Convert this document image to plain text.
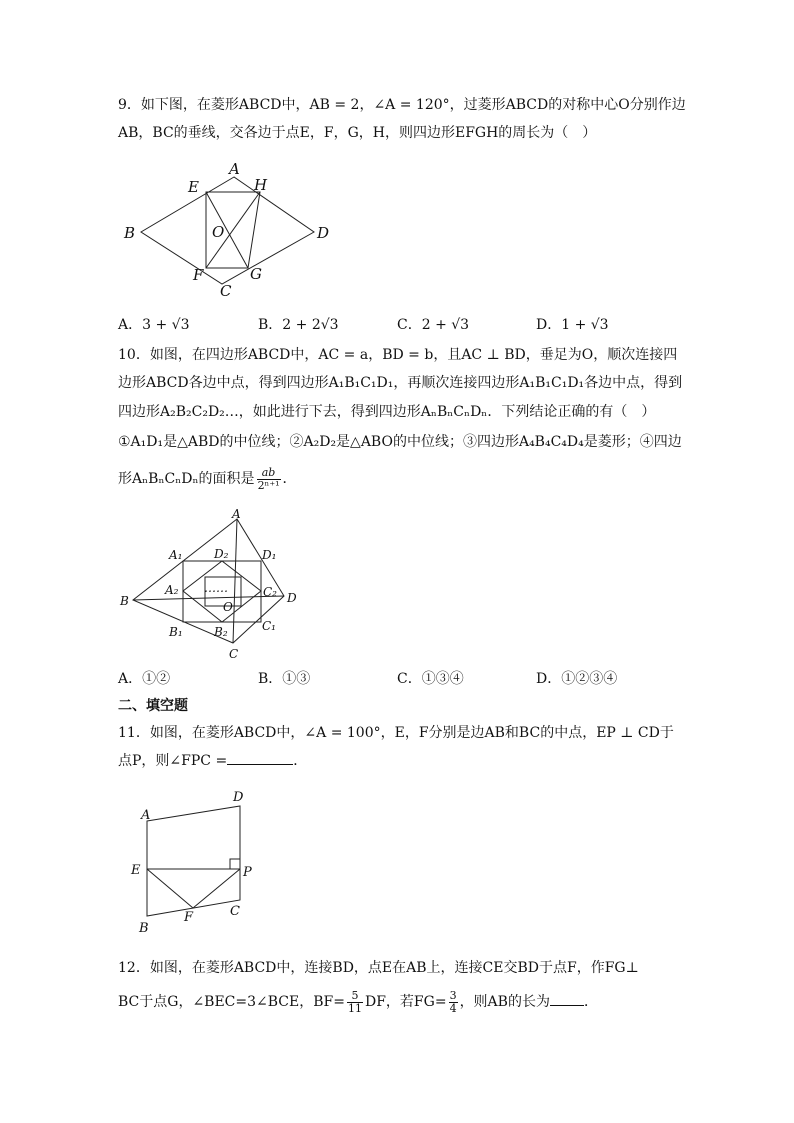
9．如下图，在菱形ABCD中，AB = 2，∠A = 120°，过菱形ABCD的对称中心O分别作边
AB，BC的垂线，交各边于点E，F，G，H，则四边形EFGH的周长为（　）
A
B
C
D
E
F	G
H
O
A．3 + √3	B．2 + 2√3	C．2 + √3	D．1 + √3
10．如图，在四边形ABCD中，AC = a，BD = b，且AC ⊥ BD，垂足为O，顺次连接四
边形ABCD各边中点，得到四边形A₁B₁C₁D₁，再顺次连接四边形A₁B₁C₁D₁各边中点，得到
四边形A₂B₂C₂D₂…，如此进行下去，得到四边形AₙBₙCₙDₙ．下列结论正确的有（　）
①A₁D₁是△ABD的中位线；②A₂D₂是△ABO的中位线；③四边形A₄B₄C₄D₄是菱形；④四边
形AₙBₙCₙDₙ的面积是 $\frac{ab}{\text{2ⁿ⁺¹}}$ ．
A
B
C
D
O
A₁
B₁	C₁
D₁
A₂
B₂
C₂
D₂
……
A．①②	B．①③	C．①③④	D．①②③④
二、填空题
11．如图，在菱形ABCD中，∠A = 100°，E，F分别是边AB和BC的中点，EP ⊥ CD于
点P，则∠FPC =	．
A
B
C
D
E
F
P
12．如图，在菱形ABCD中，连接BD，点E在AB上，连接CE交BD于点F，作FG⊥
BC于点G，∠BEC=3∠BCE，$BF= \frac{5}{11}$ DF，若$FG= \frac{3}{4}$ ，则AB的长为 ．
